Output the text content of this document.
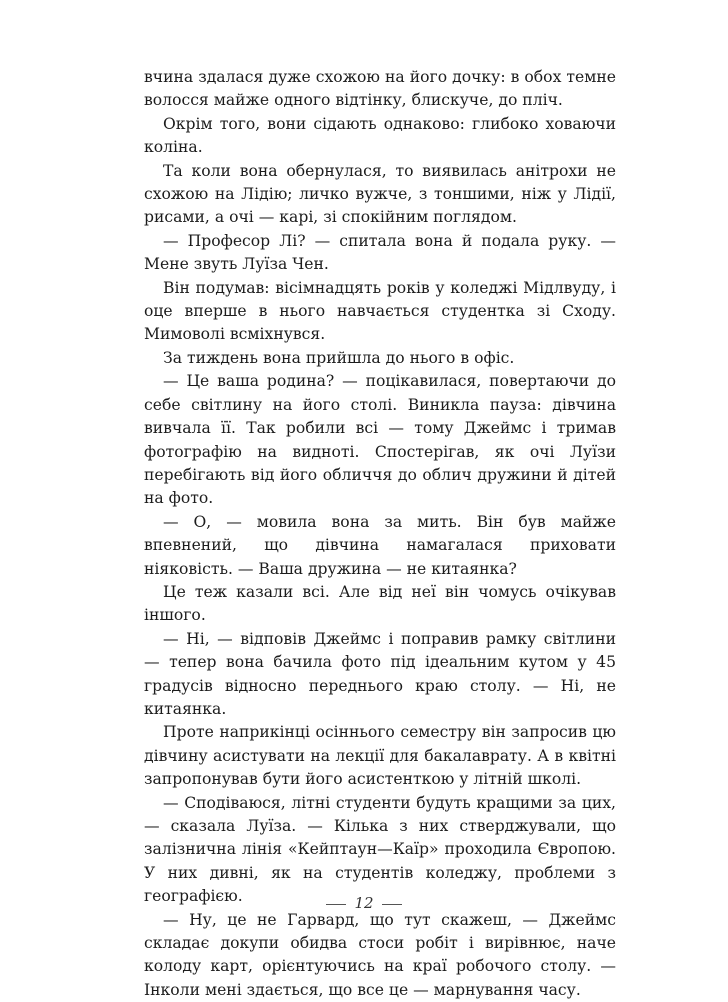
вчина здалася дуже схожою на його дочку: в обох темне волосся майже одного відтінку, блискуче, до пліч.

Окрім того, вони сідають однаково: глибоко ховаючи коліна.

Та коли вона обернулася, то виявилась анітрохи не схожою на Лідію; личко вужче, з тоншими, ніж у Лідії, рисами, а очі — карі, зі спокійним поглядом.

— Професор Лі? — спитала вона й подала руку. — Мене звуть Луїза Чен.

Він подумав: вісімнадцять років у коледжі Мідлвуду, і оце вперше в нього навчається студентка зі Сходу. Мимоволі всміхнувся.

За тиждень вона прийшла до нього в офіс.

— Це ваша родина? — поцікавилася, повертаючи до себе світлину на його столі. Виникла пауза: дівчина вивчала її. Так робили всі — тому Джеймс і тримав фотографію на видноті. Спостерігав, як очі Луїзи перебігають від його обличчя до облич дружини й дітей на фото.

— О, — мовила вона за мить. Він був майже впевнений, що дівчина намагалася приховати ніяковість. — Ваша дружина — не китаянка?

Це теж казали всі. Але від неї він чомусь очікував іншого.

— Ні, — відповів Джеймс і поправив рамку світлини — тепер вона бачила фото під ідеальним кутом у 45 градусів відносно переднього краю столу. — Ні, не китаянка.

Проте наприкінці осіннього семестру він запросив цю дівчину асистувати на лекції для бакалаврату. А в квітні запропонував бути його асистенткою у літній школі.

— Сподіваюся, літні студенти будуть кращими за цих, — сказала Луїза. — Кілька з них стверджували, що залізнична лінія «Кейптаун—Каїр» проходила Європою. У них дивні, як на студентів коледжу, проблеми з географією.

— Ну, це не Гарвард, що тут скажеш, — Джеймс складає докупи обидва стоси робіт і вирівнює, наче колоду карт, орієнтуючись на краї робочого столу. — Інколи мені здається, що все це — марнування часу.

12
